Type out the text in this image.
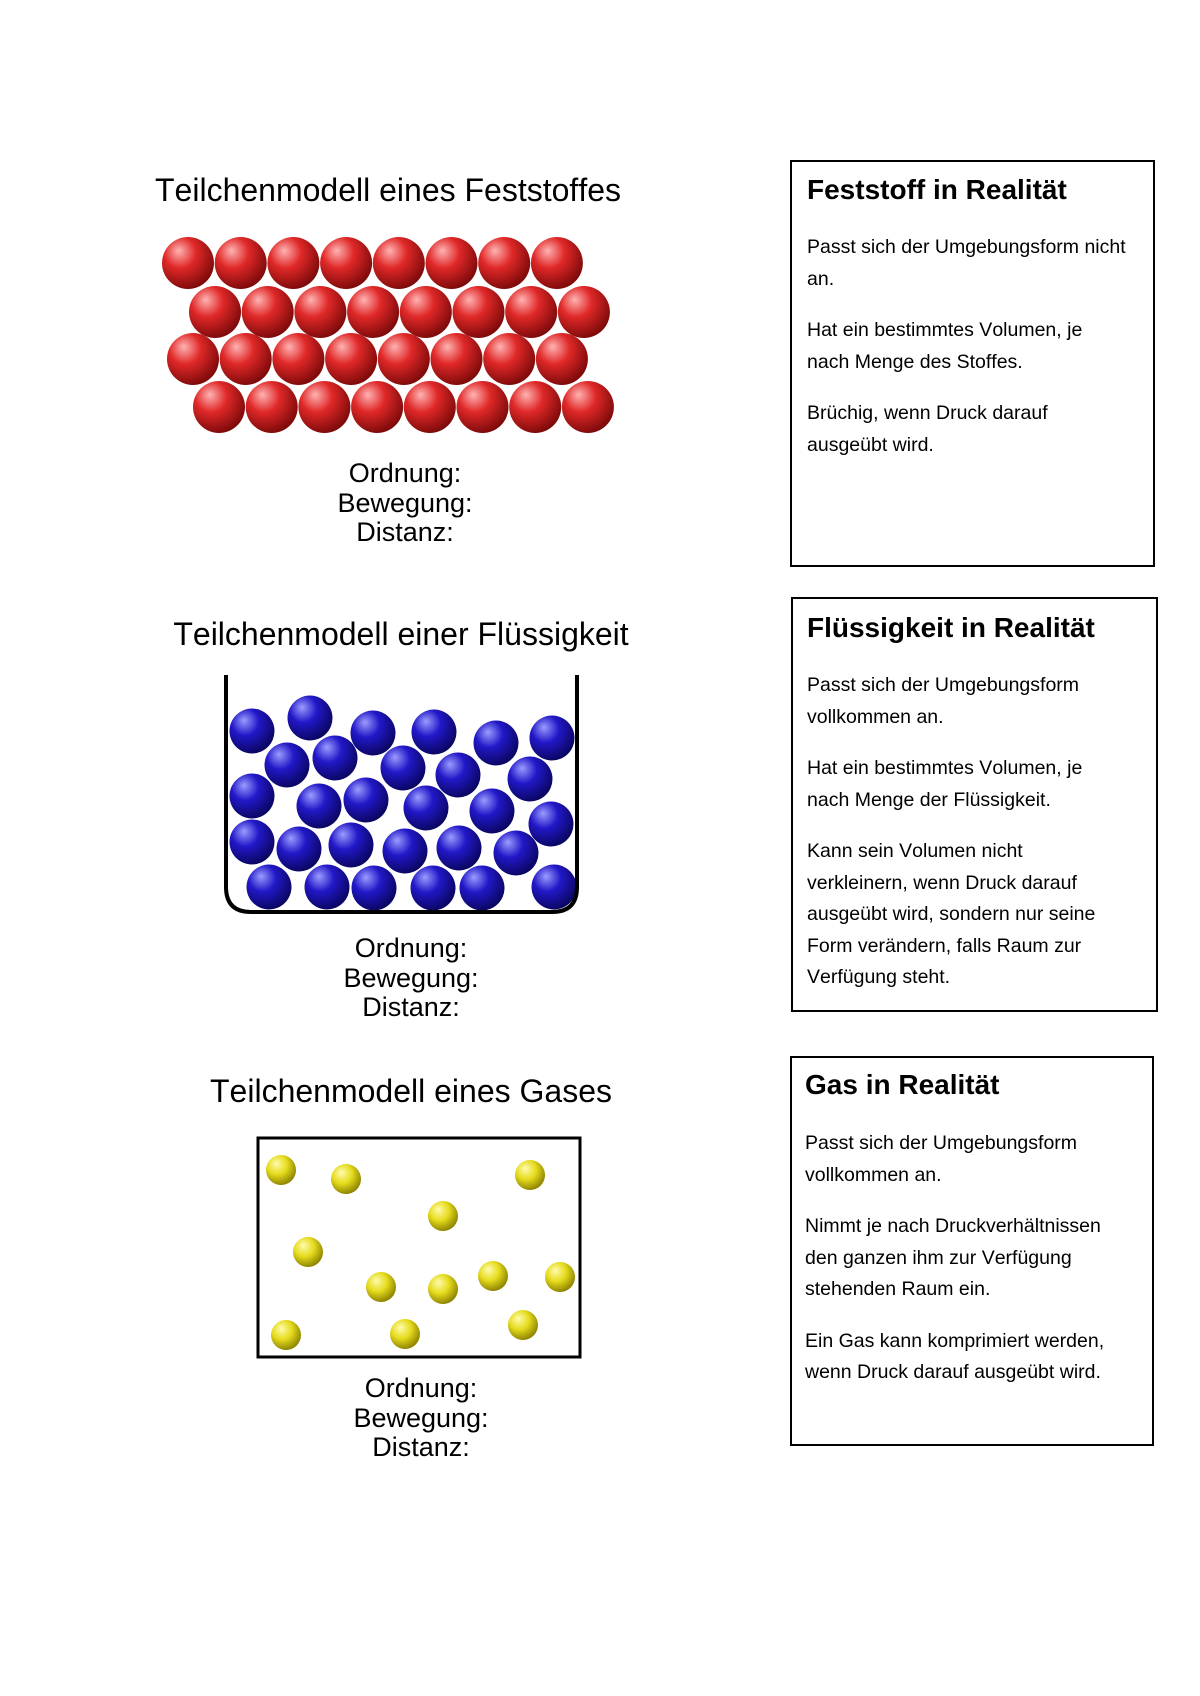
Teilchenmodell eines Feststoffes
Ordnung:
Bewegung:
Distanz:
Feststoff in Realität

Passt sich der Umgebungsform nicht an.

Hat ein bestimmtes Volumen, je nach Menge des Stoffes.

Brüchig, wenn Druck darauf ausgeübt wird.

Teilchenmodell einer Flüssigkeit
Ordnung:
Bewegung:
Distanz:
Flüssigkeit in Realität

Passt sich der Umgebungsform vollkommen an.

Hat ein bestimmtes Volumen, je nach Menge der Flüssigkeit.

Kann sein Volumen nicht verkleinern, wenn Druck darauf ausgeübt wird, sondern nur seine Form verändern, falls Raum zur Verfügung steht.

Teilchenmodell eines Gases
Ordnung:
Bewegung:
Distanz:
Gas in Realität

Passt sich der Umgebungsform vollkommen an.

Nimmt je nach Druckverhältnissen den ganzen ihm zur Verfügung stehenden Raum ein.

Ein Gas kann komprimiert werden, wenn Druck darauf ausgeübt wird.
